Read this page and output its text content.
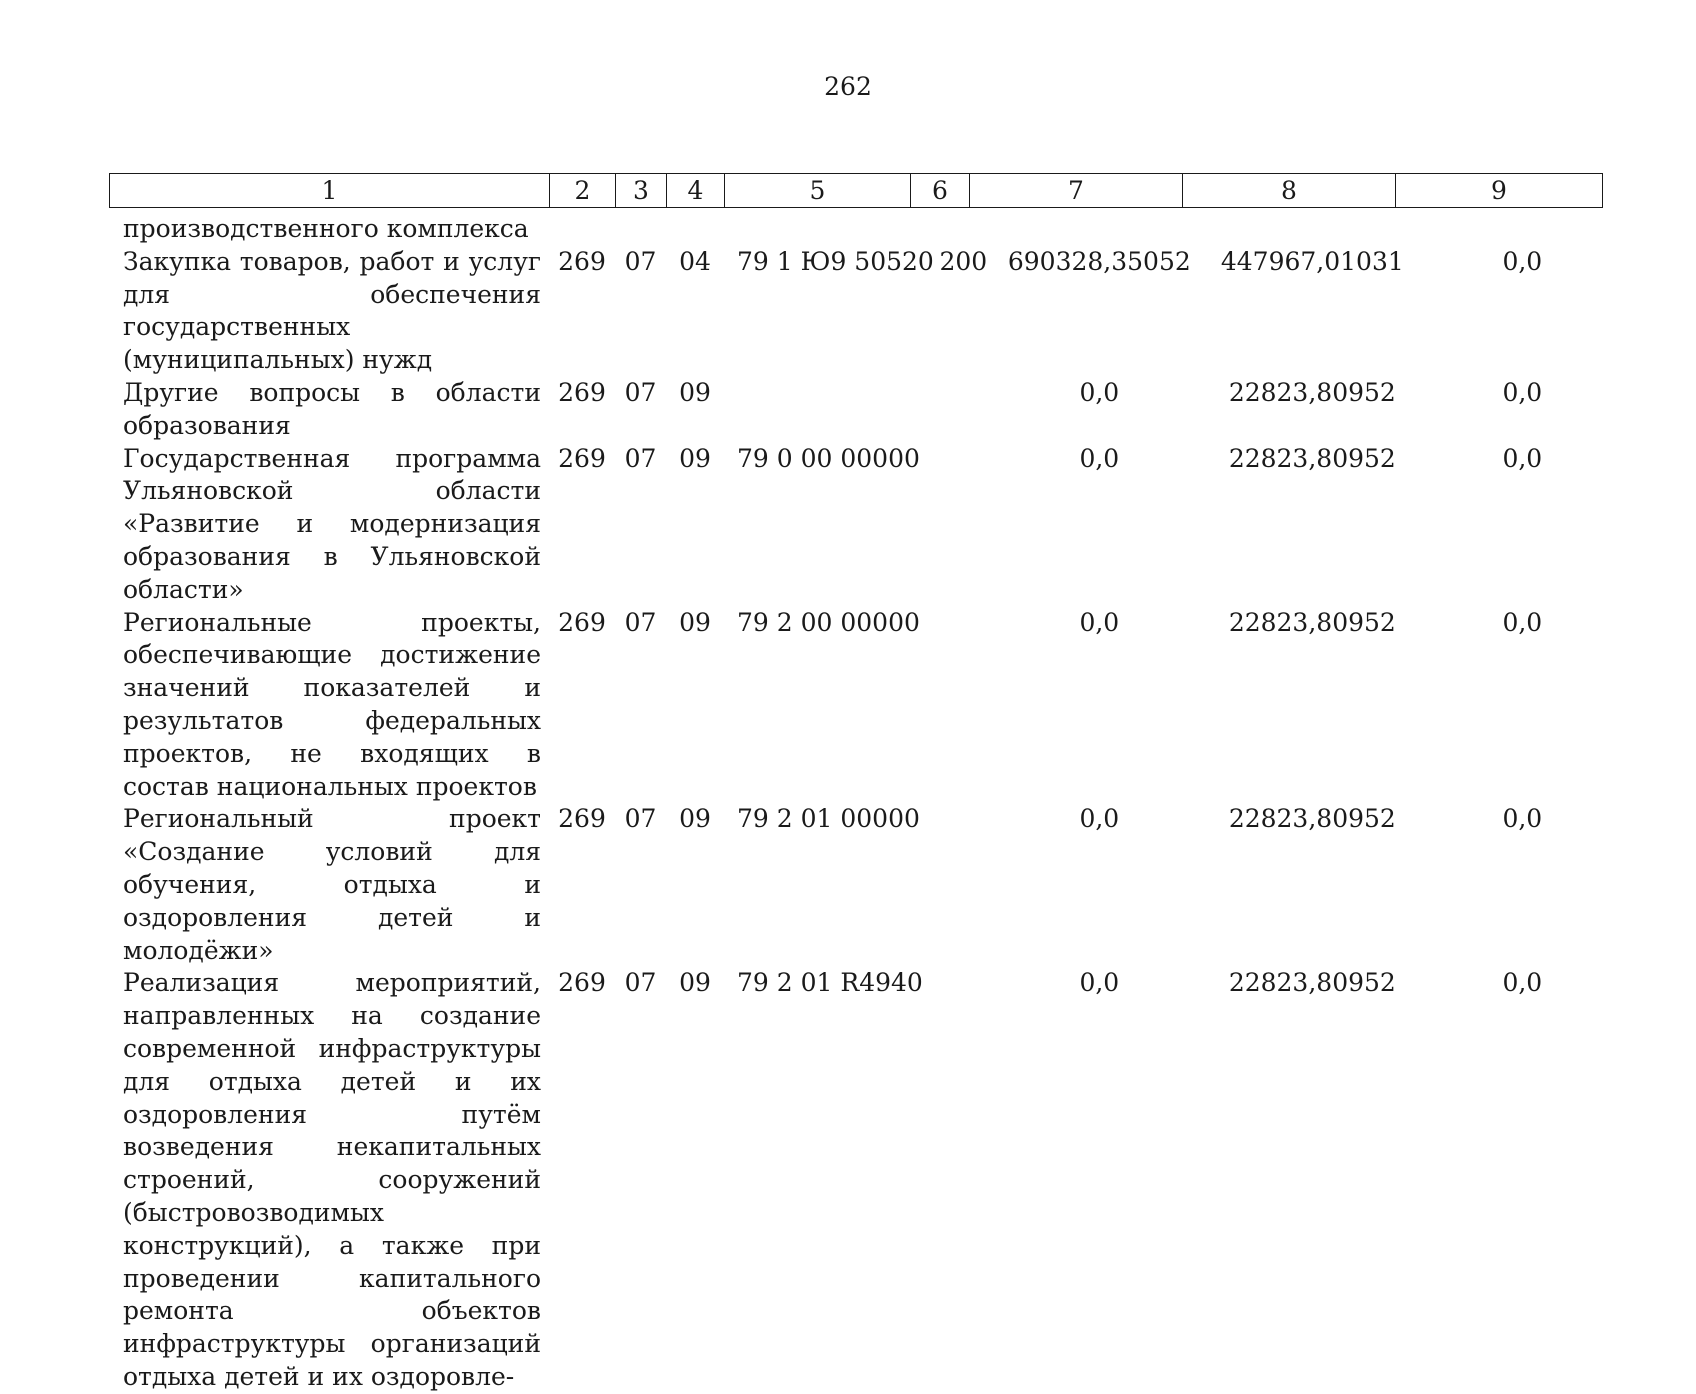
262
1	2	3	4	5	6	7	8	9
производственного комплекса								
Закупка товаров, работ и услуг для обеспечения государственных (муниципальных) нужд	269	07	04	79 1 Ю9 50520	200	690328,35052	447967,01031	0,0
Другие вопросы в области образования	269	07	09			0,0	22823,80952	0,0
Государственная программа Ульяновской области «Развитие и модернизация образования в Ульяновской области»	269	07	09	79 0 00 00000		0,0	22823,80952	0,0
Региональные проекты, обеспечивающие достижение значений показателей и результатов федеральных проектов, не входящих в состав национальных проектов	269	07	09	79 2 00 00000		0,0	22823,80952	0,0
Региональный проект «Создание условий для обучения, отдыха и оздоровления детей и молодёжи»	269	07	09	79 2 01 00000		0,0	22823,80952	0,0
Реализация мероприятий, направленных на создание современной инфраструктуры для отдыха детей и их оздоровления путём возведения некапитальных строений, сооружений (быстровозводимых конструкций), а также при проведении капитального ремонта объектов инфраструктуры организаций отдыха детей и их оздоровле-	269	07	09	79 2 01 R4940		0,0	22823,80952	0,0
